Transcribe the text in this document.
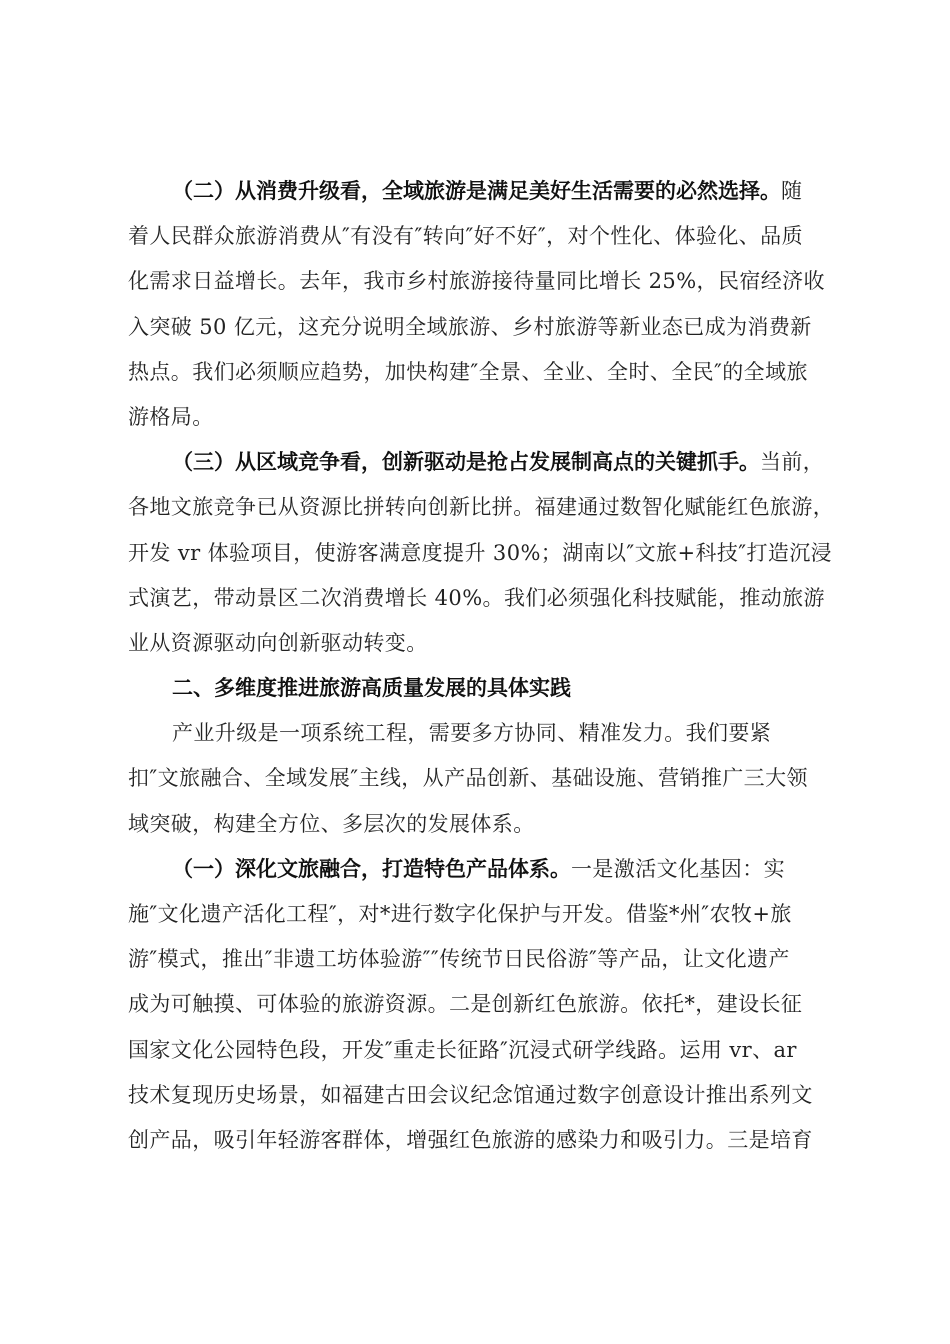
（二）从消费升级看，全域旅游是满足美好生活需要的必然选择。随
着人民群众旅游消费从″有没有″转向″好不好″，对个性化、体验化、品质
化需求日益增长。去年，我市乡村旅游接待量同比增长 25%，民宿经济收
入突破 50 亿元，这充分说明全域旅游、乡村旅游等新业态已成为消费新
热点。我们必须顺应趋势，加快构建″全景、全业、全时、全民″的全域旅
游格局。
（三）从区域竞争看，创新驱动是抢占发展制高点的关键抓手。当前，
各地文旅竞争已从资源比拼转向创新比拼。福建通过数智化赋能红色旅游，
开发 vr 体验项目，使游客满意度提升 30%；湖南以″文旅+科技″打造沉浸
式演艺，带动景区二次消费增长 40%。我们必须强化科技赋能，推动旅游
业从资源驱动向创新驱动转变。
二、多维度推进旅游高质量发展的具体实践
产业升级是一项系统工程，需要多方协同、精准发力。我们要紧
扣″文旅融合、全域发展″主线，从产品创新、基础设施、营销推广三大领
域突破，构建全方位、多层次的发展体系。
（一）深化文旅融合，打造特色产品体系。一是激活文化基因：实
施″文化遗产活化工程″，对*进行数字化保护与开发。借鉴*州″农牧+旅
游″模式，推出″非遗工坊体验游″″传统节日民俗游″等产品，让文化遗产
成为可触摸、可体验的旅游资源。二是创新红色旅游。依托*，建设长征
国家文化公园特色段，开发″重走长征路″沉浸式研学线路。运用 vr、ar
技术复现历史场景，如福建古田会议纪念馆通过数字创意设计推出系列文
创产品，吸引年轻游客群体，增强红色旅游的感染力和吸引力。三是培育
